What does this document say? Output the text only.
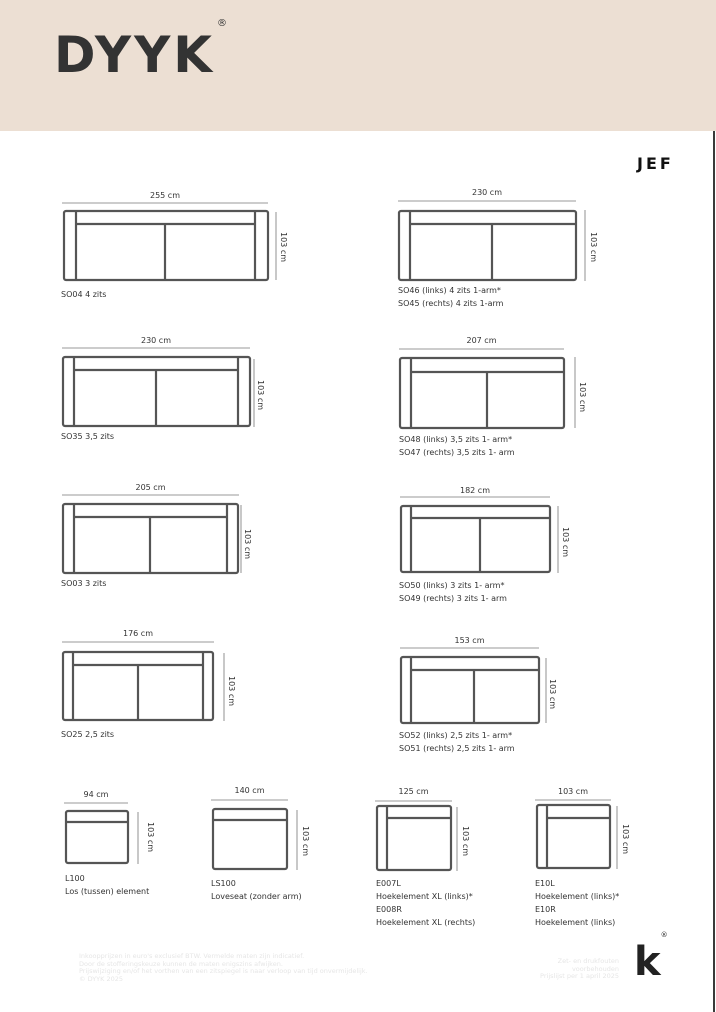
DYYK®
JEF
255 cm	230 cm
230 cm	207 cm
205 cm	182 cm
176 cm
153 cm
94 cm	140 cm	125 cm	103 cm
103 cm	103 cm
103 cm	103 cm
103 cm	103 cm
103 cm	103 cm
103 cm	103 cm	103 cm	103 cm
SO04 4 zits	SO46 (links) 4 zits 1-arm*
SO45 (rechts) 4 zits 1-arm
SO35 3,5 zits	SO48 (links) 3,5 zits 1- arm*
SO47 (rechts) 3,5 zits 1- arm
SO03 3 zits	SO50 (links) 3 zits 1- arm*
SO49 (rechts) 3 zits 1- arm
SO25 2,5 zits	SO52 (links) 2,5 zits 1- arm*
SO51 (rechts) 2,5 zits 1- arm
L100
Los (tussen) element
LS100
Loveseat (zonder arm)
E007L
Hoekelement XL (links)*
E008R
Hoekelement XL (rechts)
E10L
Hoekelement (links)*
E10R
Hoekelement (links)
Inkoopprijzen in euro's exclusief BTW. Vermelde maten zijn indicatief.
Door de stofferingskeuze kunnen de maten enigszins afwijken.
Prijswijziging en/of het vorthen van een zitspiegel is naar verloop van tijd onvermijdelijk.
© DYYK 2025
Zet- en drukfouten
voorbehouden
Prijslijst per 1 april 2025 k®
